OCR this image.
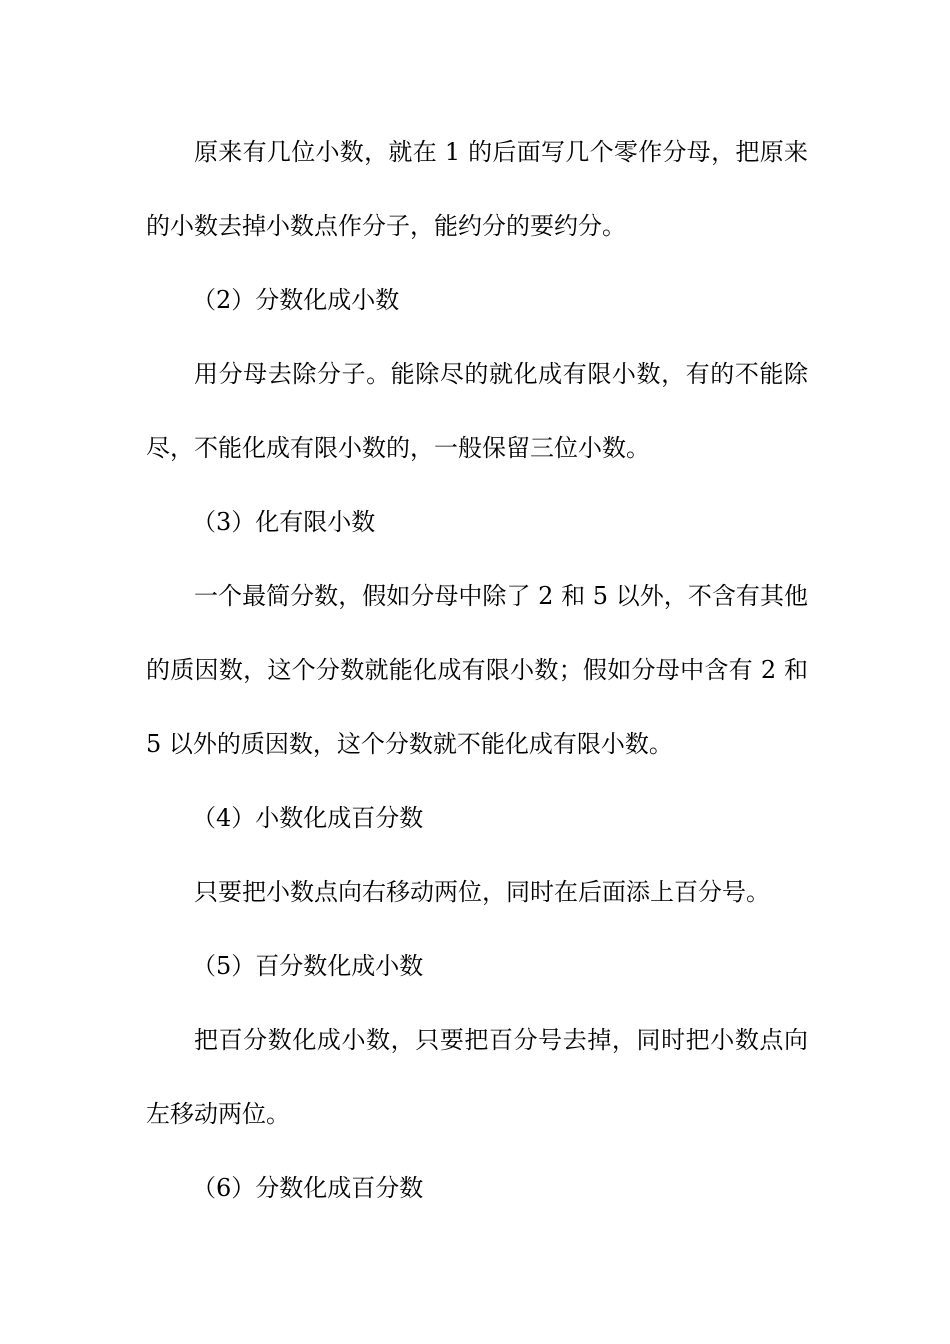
原来有几位小数，就在 1 的后面写几个零作分母，把原来的小数去掉小数点作分子，能约分的要约分。

（2）分数化成小数

用分母去除分子。能除尽的就化成有限小数，有的不能除尽，不能化成有限小数的，一般保留三位小数。

（3）化有限小数

一个最简分数，假如分母中除了 2 和 5 以外，不含有其他的质因数，这个分数就能化成有限小数；假如分母中含有 2 和 5 以外的质因数，这个分数就不能化成有限小数。

（4）小数化成百分数

只要把小数点向右移动两位，同时在后面添上百分号。

（5）百分数化成小数

把百分数化成小数，只要把百分号去掉，同时把小数点向左移动两位。

（6）分数化成百分数
